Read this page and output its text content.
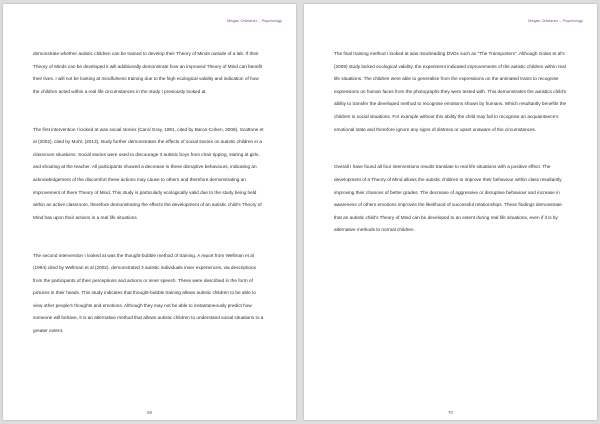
Megan Ortolaner – Psychology

demonstrate whether autistic children can be trained to develop their Theory of Minds outside of a lab. If their Theory of Minds can be developed it will additionally demonstrate how an improved Theory of Mind can benefit their lives. I will not be looking at mindfulness training due to the high ecological validity and indication of how the children acted within a real life circumstances in the study I previously looked at.

The first intervention I looked at was social stories (Carol Gray, 1991, cited by Baron-Cohen, 2008). Scattone et al (2002), cited by Mohr, (2013), study further demonstrates the effects of social stories on autistic children in a classroom situations. Social stories were used to discourage 3 autistic boys from chair tipping, staring at girls, and shouting at the teacher. All participants showed a decrease in these disruptive behaviours, indicating an acknowledgement of the discomfort these actions may cause to others and therefore demonstrating an improvement of there Theory of Mind. This study is particularly ecologically valid due to the study being held within an active classroom, therefore demonstrating the effects the development of an autistic child's Theory of Mind has upon their actions in a real life situations.

The second intervention I looked at was the thought-bubble method of training. A report from Wellman et al (1994) cited by Wellman et al (2002), demonstrated 3 autistic individuals inner experiences, via descriptions from the participants of their perceptions and actions or inner speech. These were described in the form of pictures in their heads. This study indicates that thought-bubble training allows autistic children to be able to view other people's thoughts and emotions. Although they may not be able to instantaneously predict how someone will behave, it is an alternative method that allows autistic children to understand social situations to a greater extent.

68
Megan Ortolaner – Psychology

The final training method I looked at was mindreading DVDs such as "The Transporters". Although Golan et al's (2009) study lacked ecological validity, the experiment indicated improvements of the autistic children within real life situations. The children were able to generalise from the expressions on the animated trains to recognise expressions on human faces from the photographs they were tested with. This demonstrates the autistics child's ability to transfer the developed method to recognise emotions shown by humans. Which resultantly benefits the children in social situations. For example without this ability the child may fail to recognise an acquaintance's emotional state and therefore ignore any signs of distress or upset unaware of the circumstances.

Overall I have found all four interventions results translate to real life situations with a positive effect. The development of a Theory of Mind allows the autistic children to improve their behaviour within class resultantly improving their chances of better grades. The decrease of aggressive or disruptive behaviour and increase in awareness of others emotions improves the likelihood of successful relationships. These findings demonstrate that an autistic child's Theory of Mind can be developed to an extent during real life situations, even if it is by alternative methods to normal children.

70
